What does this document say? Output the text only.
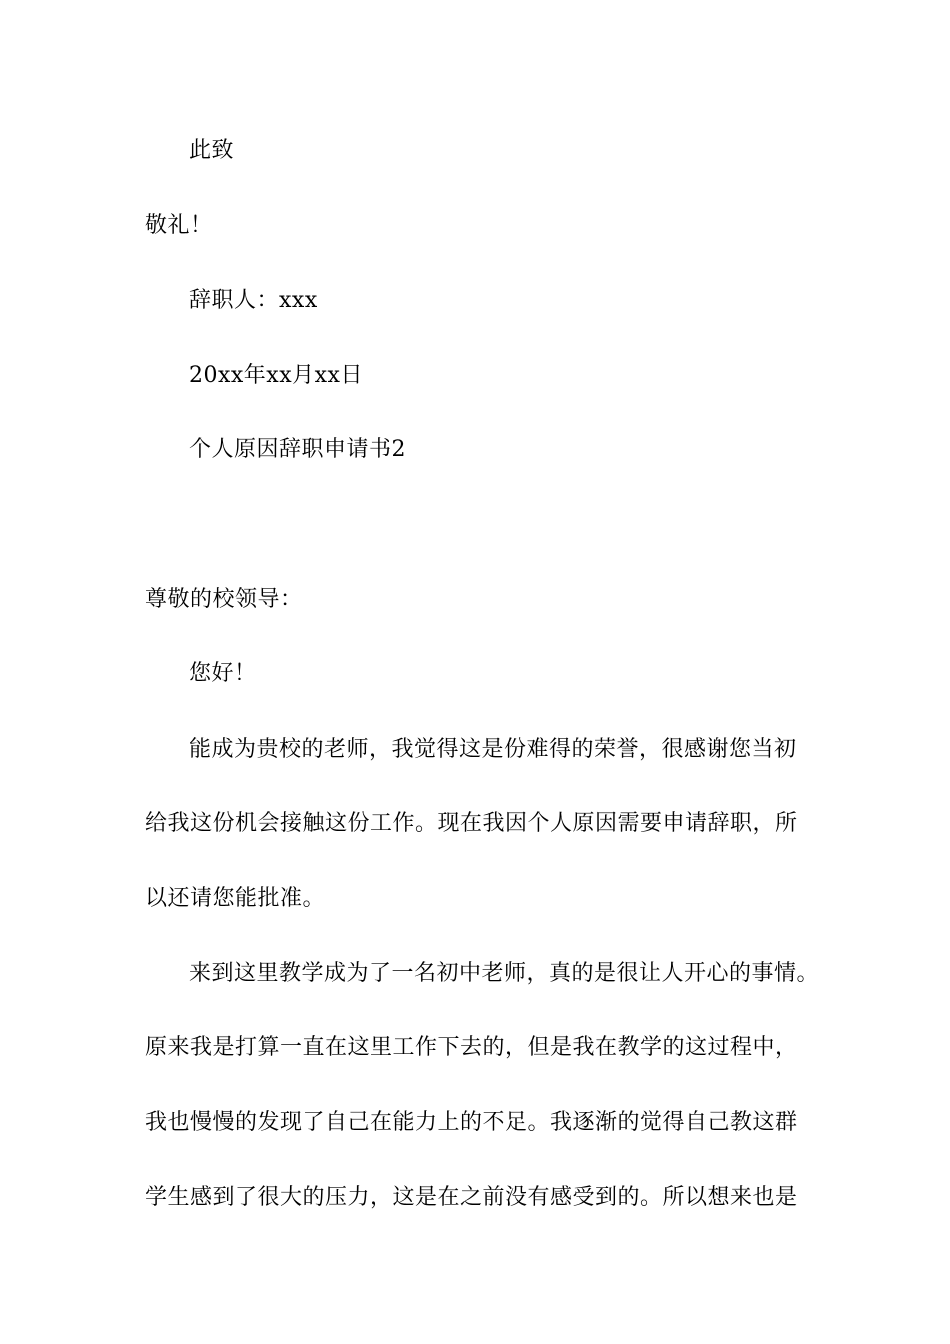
此致
敬礼！
辞职人：xxx
20xx年xx月xx日
个人原因辞职申请书2
尊敬的校领导：
您好！
能成为贵校的老师，我觉得这是份难得的荣誉，很感谢您当初
给我这份机会接触这份工作。现在我因个人原因需要申请辞职，所
以还请您能批准。
来到这里教学成为了一名初中老师，真的是很让人开心的事情。
原来我是打算一直在这里工作下去的，但是我在教学的这过程中，
我也慢慢的发现了自己在能力上的不足。我逐渐的觉得自己教这群
学生感到了很大的压力，这是在之前没有感受到的。所以想来也是
